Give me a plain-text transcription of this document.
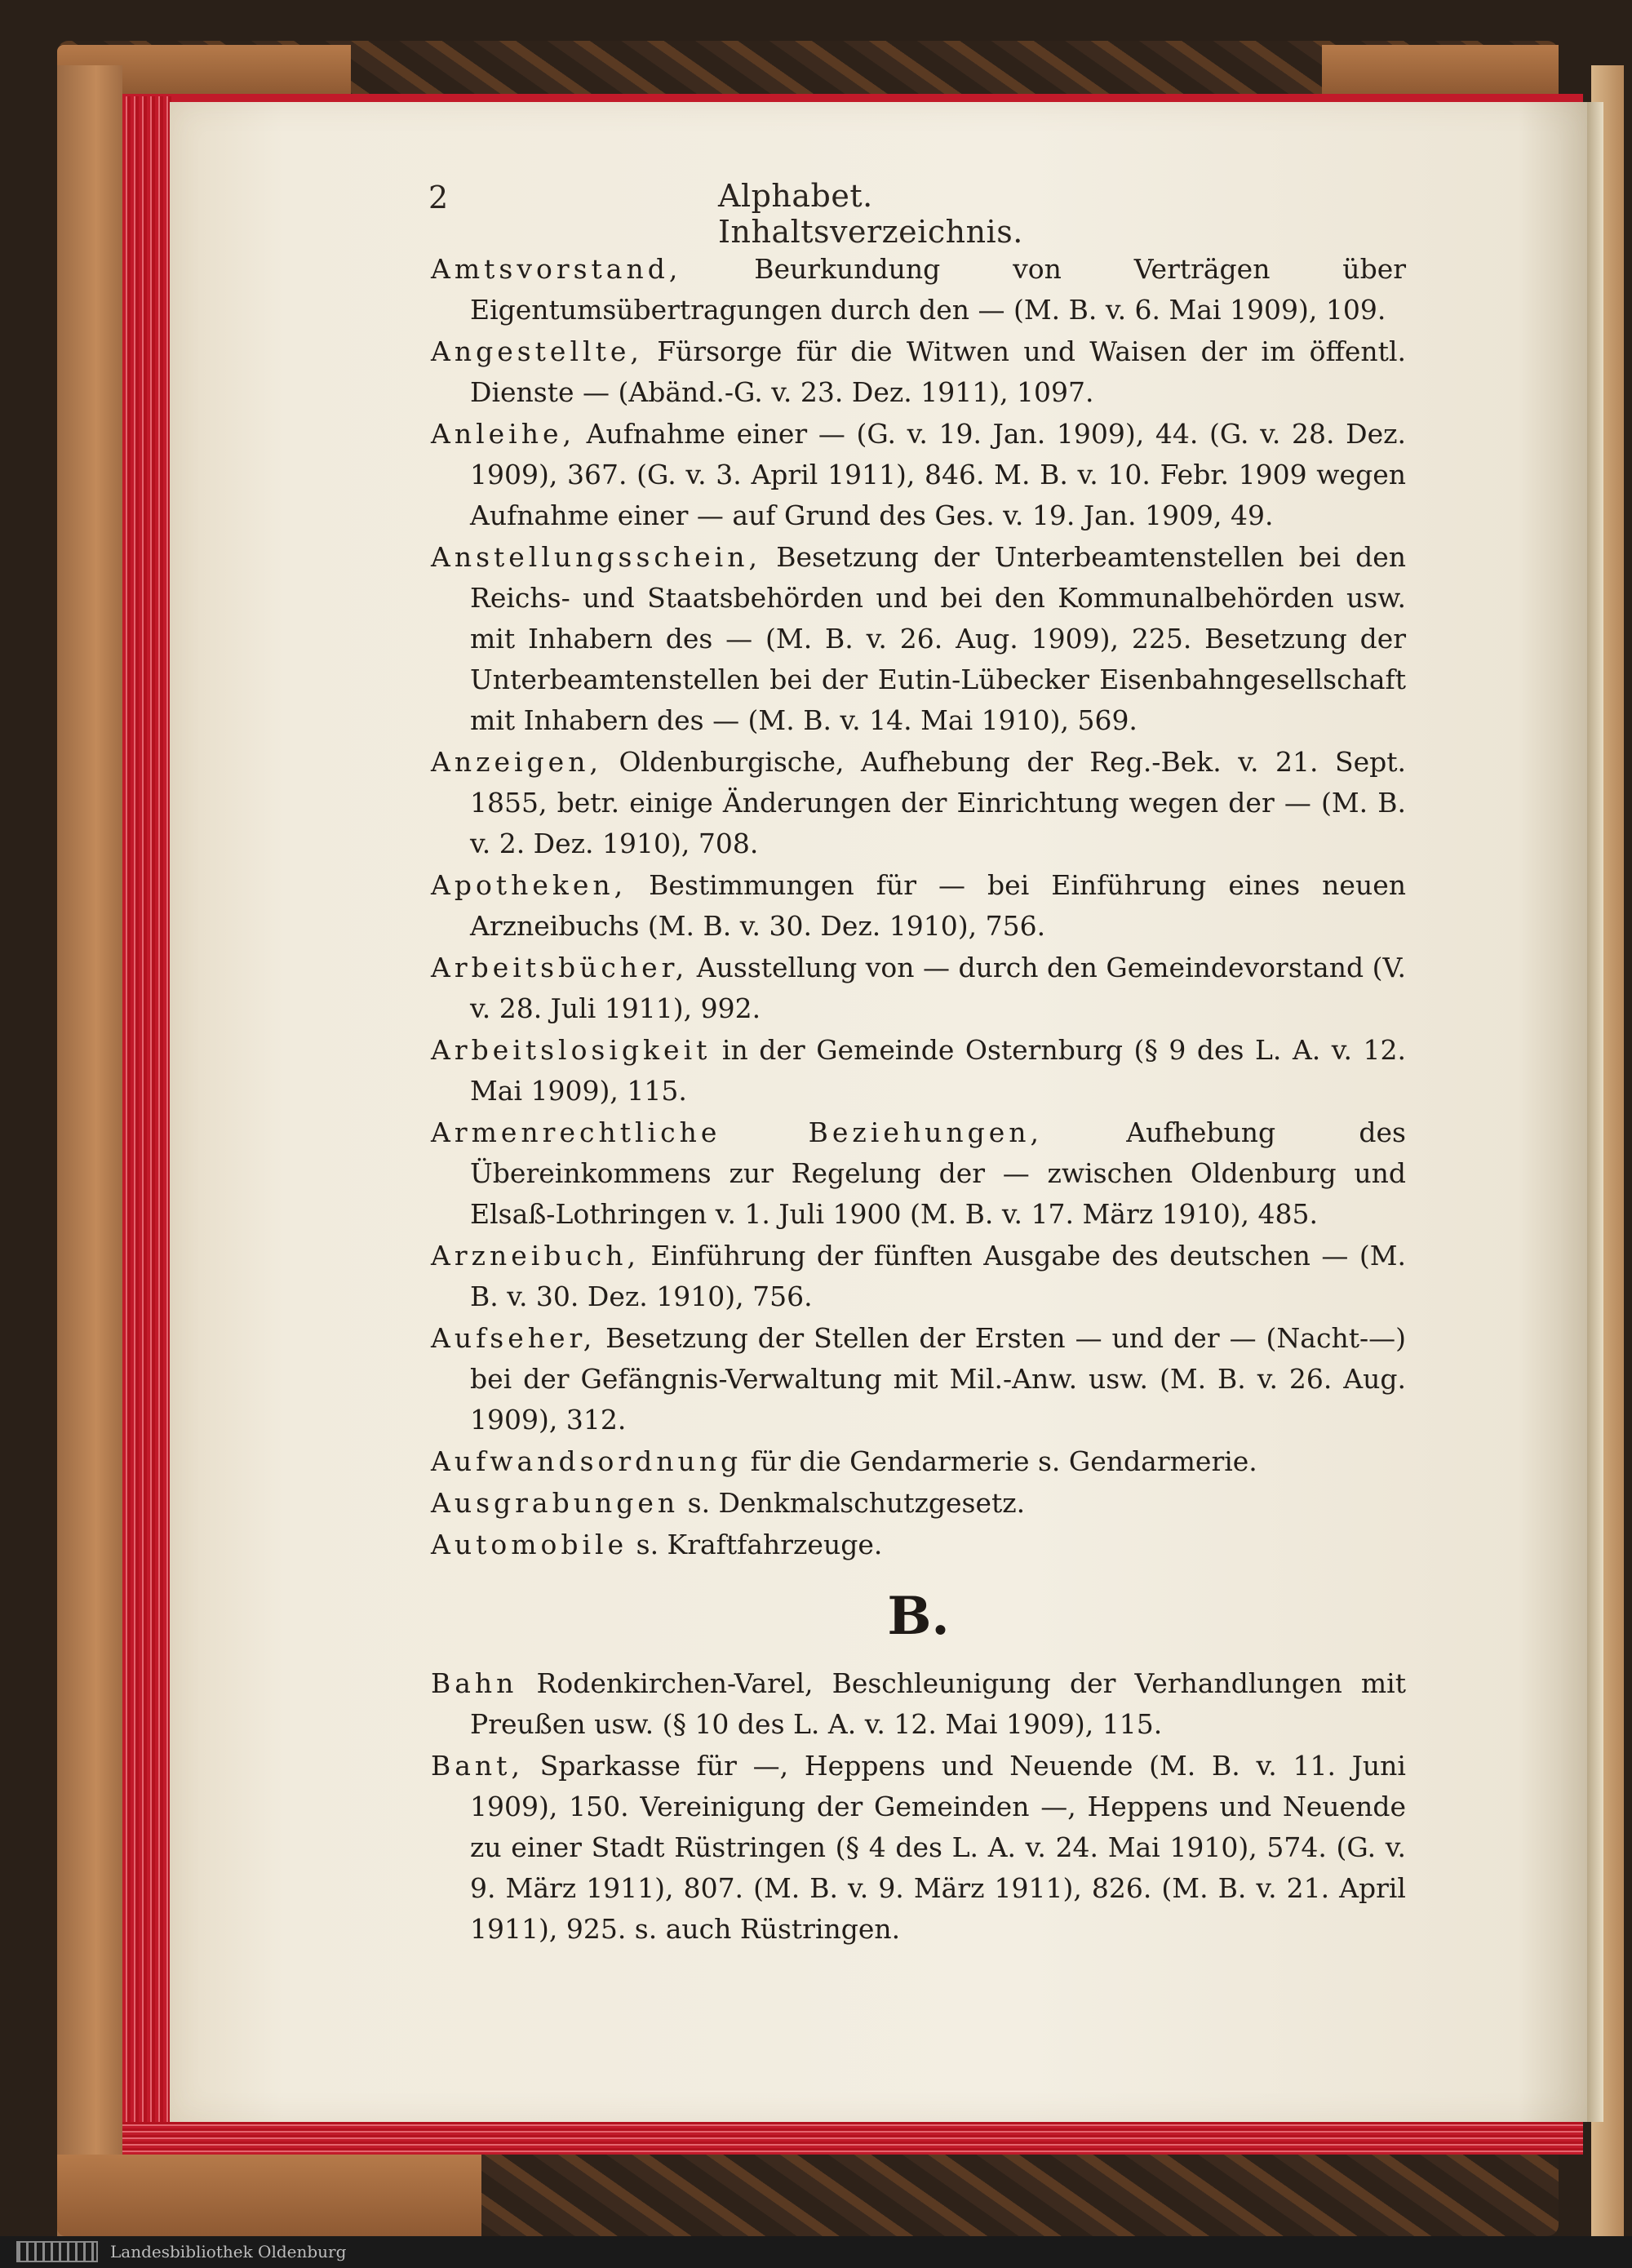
2	Alphabet. Inhaltsverzeichnis.

Amtsvorstand, Beurkundung von Verträgen über Eigentumsübertragungen durch den — (M. B. v. 6. Mai 1909), 109.

Angestellte, Fürsorge für die Witwen und Waisen der im öffentl. Dienste — (Abänd.-G. v. 23. Dez. 1911), 1097.

Anleihe, Aufnahme einer — (G. v. 19. Jan. 1909), 44. (G. v. 28. Dez. 1909), 367. (G. v. 3. April 1911), 846. M. B. v. 10. Febr. 1909 wegen Aufnahme einer — auf Grund des Ges. v. 19. Jan. 1909, 49.

Anstellungsschein, Besetzung der Unterbeamtenstellen bei den Reichs- und Staatsbehörden und bei den Kommunalbehörden usw. mit Inhabern des — (M. B. v. 26. Aug. 1909), 225. Besetzung der Unterbeamtenstellen bei der Eutin-Lübecker Eisenbahngesellschaft mit Inhabern des — (M. B. v. 14. Mai 1910), 569.

Anzeigen, Oldenburgische, Aufhebung der Reg.-Bek. v. 21. Sept. 1855, betr. einige Änderungen der Einrichtung wegen der — (M. B. v. 2. Dez. 1910), 708.

Apotheken, Bestimmungen für — bei Einführung eines neuen Arzneibuchs (M. B. v. 30. Dez. 1910), 756.

Arbeitsbücher, Ausstellung von — durch den Gemeindevorstand (V. v. 28. Juli 1911), 992.

Arbeitslosigkeit in der Gemeinde Osternburg (§ 9 des L. A. v. 12. Mai 1909), 115.

Armenrechtliche Beziehungen, Aufhebung des Übereinkommens zur Regelung der — zwischen Oldenburg und Elsaß-Lothringen v. 1. Juli 1900 (M. B. v. 17. März 1910), 485.

Arzneibuch, Einführung der fünften Ausgabe des deutschen — (M. B. v. 30. Dez. 1910), 756.

Aufseher, Besetzung der Stellen der Ersten — und der — (Nacht-—) bei der Gefängnis-Verwaltung mit Mil.-Anw. usw. (M. B. v. 26. Aug. 1909), 312.

Aufwandsordnung für die Gendarmerie s. Gendarmerie.

Ausgrabungen s. Denkmalschutzgesetz.

Automobile s. Kraftfahrzeuge.

B.

Bahn Rodenkirchen-Varel, Beschleunigung der Verhandlungen mit Preußen usw. (§ 10 des L. A. v. 12. Mai 1909), 115.

Bant, Sparkasse für —, Heppens und Neuende (M. B. v. 11. Juni 1909), 150. Vereinigung der Gemeinden —, Heppens und Neuende zu einer Stadt Rüstringen (§ 4 des L. A. v. 24. Mai 1910), 574. (G. v. 9. März 1911), 807. (M. B. v. 9. März 1911), 826. (M. B. v. 21. April 1911), 925. s. auch Rüstringen.

Landesbibliothek Oldenburg
